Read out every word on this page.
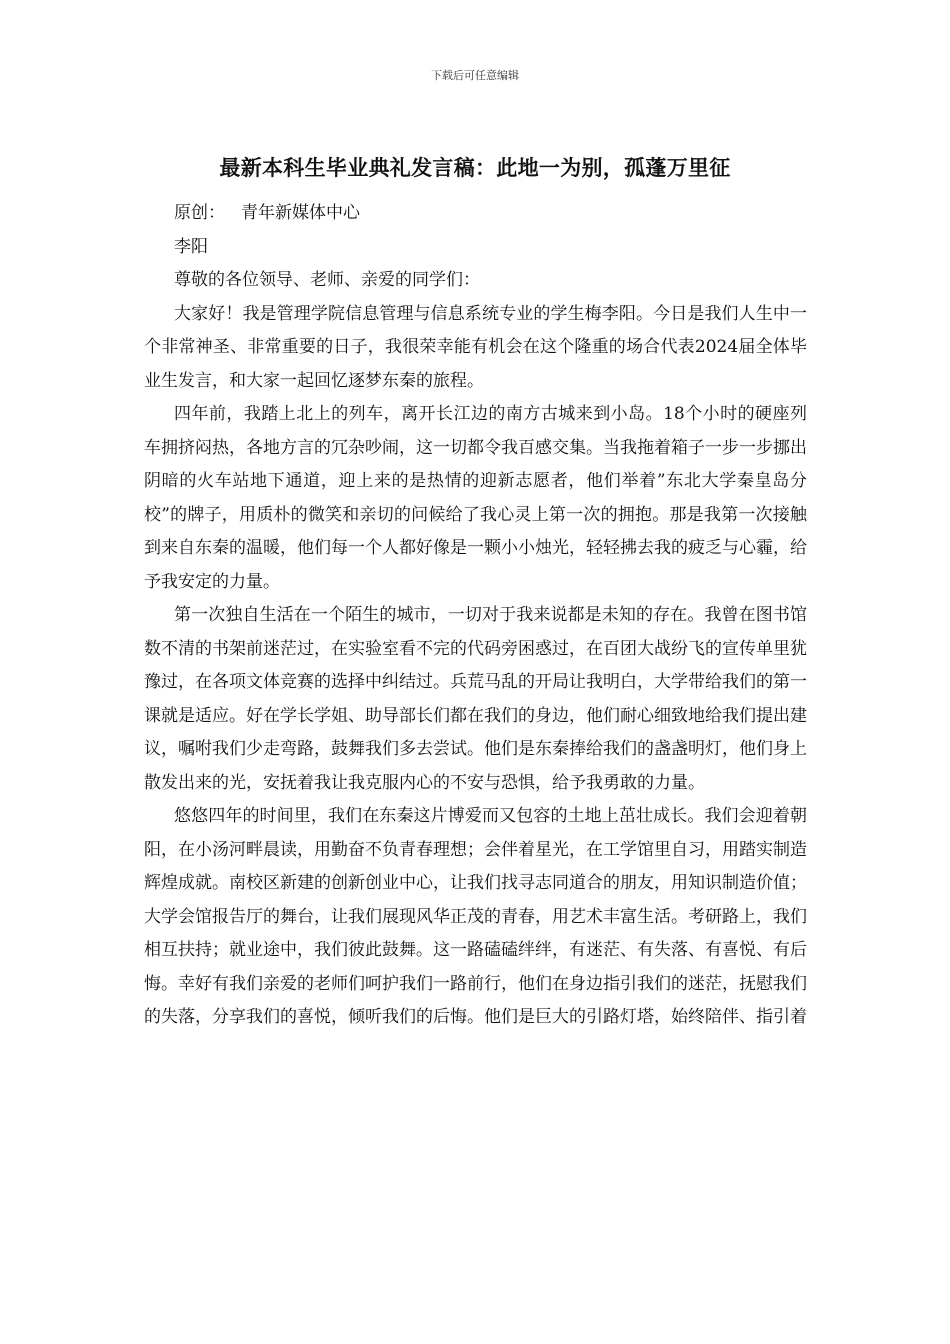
下载后可任意编辑
最新本科生毕业典礼发言稿：此地一为别，孤蓬万里征

原创： 青年新媒体中心

李阳

尊敬的各位领导、老师、亲爱的同学们：

大家好！我是管理学院信息管理与信息系统专业的学生梅李阳。今日是我们人生中一个非常神圣、非常重要的日子，我很荣幸能有机会在这个隆重的场合代表2024届全体毕业生发言，和大家一起回忆逐梦东秦的旅程。

四年前，我踏上北上的列车，离开长江边的南方古城来到小岛。18个小时的硬座列车拥挤闷热，各地方言的冗杂吵闹，这一切都令我百感交集。当我拖着箱子一步一步挪出阴暗的火车站地下通道，迎上来的是热情的迎新志愿者，他们举着”东北大学秦皇岛分校”的牌子，用质朴的微笑和亲切的问候给了我心灵上第一次的拥抱。那是我第一次接触到来自东秦的温暖，他们每一个人都好像是一颗小小烛光，轻轻拂去我的疲乏与心霾，给予我安定的力量。

第一次独自生活在一个陌生的城市，一切对于我来说都是未知的存在。我曾在图书馆数不清的书架前迷茫过，在实验室看不完的代码旁困惑过，在百团大战纷飞的宣传单里犹豫过，在各项文体竞赛的选择中纠结过。兵荒马乱的开局让我明白，大学带给我们的第一课就是适应。好在学长学姐、助导部长们都在我们的身边，他们耐心细致地给我们提出建议，嘱咐我们少走弯路，鼓舞我们多去尝试。他们是东秦捧给我们的盏盏明灯，他们身上散发出来的光，安抚着我让我克服内心的不安与恐惧，给予我勇敢的力量。

悠悠四年的时间里，我们在东秦这片博爱而又包容的土地上茁壮成长。我们会迎着朝阳，在小汤河畔晨读，用勤奋不负青春理想；会伴着星光，在工学馆里自习，用踏实制造辉煌成就。南校区新建的创新创业中心，让我们找寻志同道合的朋友，用知识制造价值；大学会馆报告厅的舞台，让我们展现风华正茂的青春，用艺术丰富生活。考研路上，我们相互扶持；就业途中，我们彼此鼓舞。这一路磕磕绊绊，有迷茫、有失落、有喜悦、有后悔。幸好有我们亲爱的老师们呵护我们一路前行，他们在身边指引我们的迷茫，抚慰我们的失落，分享我们的喜悦，倾听我们的后悔。他们是巨大的引路灯塔，始终陪伴、指引着
